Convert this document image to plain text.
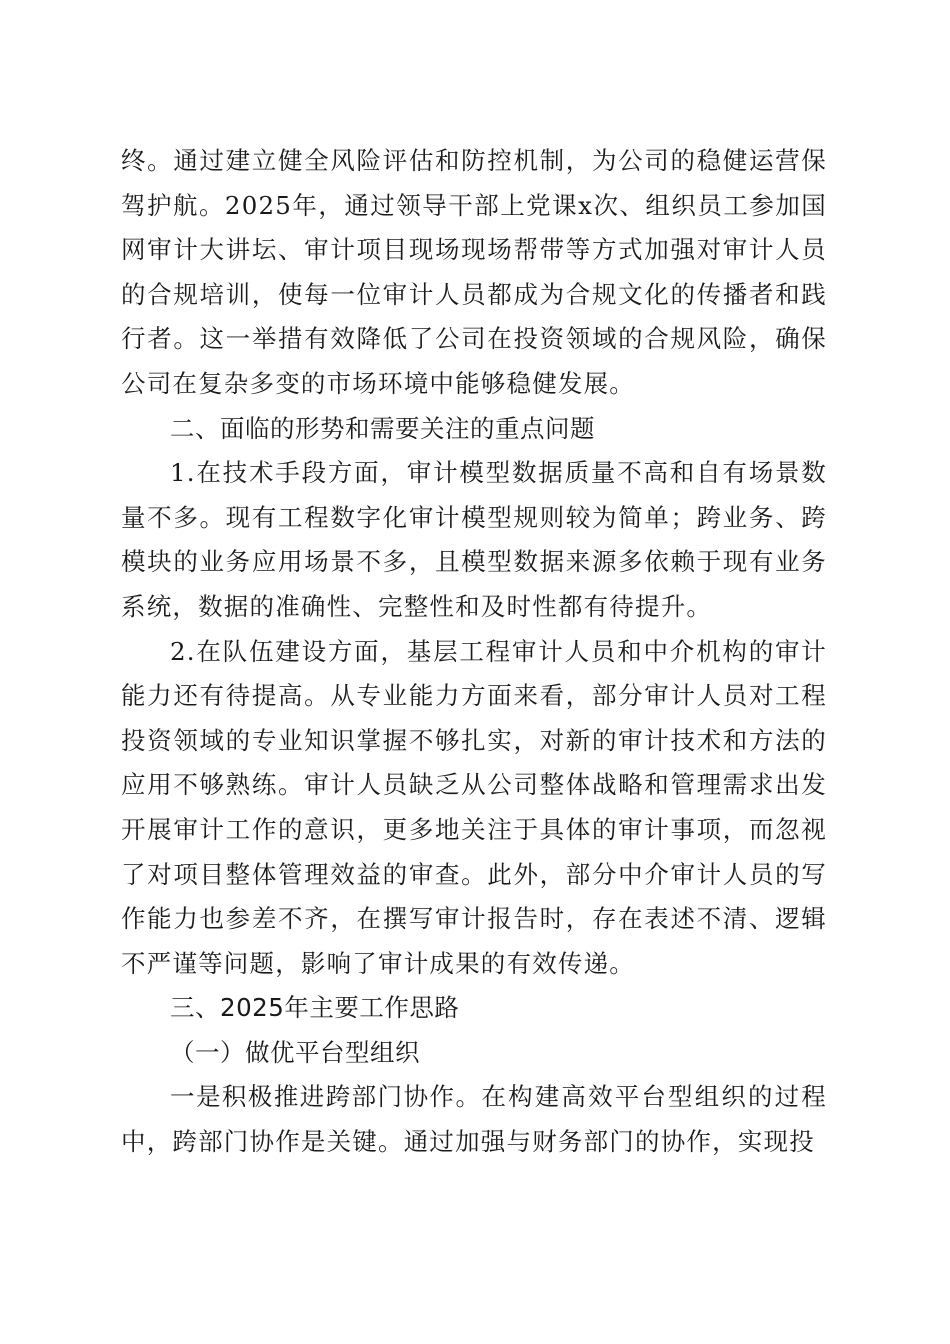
终。通过建立健全风险评估和防控机制，为公司的稳健运营保驾护航。2025年，通过领导干部上党课x次、组织员工参加国网审计大讲坛、审计项目现场现场帮带等方式加强对审计人员的合规培训，使每一位审计人员都成为合规文化的传播者和践行者。这一举措有效降低了公司在投资领域的合规风险，确保公司在复杂多变的市场环境中能够稳健发展。

二、面临的形势和需要关注的重点问题

1.在技术手段方面，审计模型数据质量不高和自有场景数量不多。现有工程数字化审计模型规则较为简单；跨业务、跨模块的业务应用场景不多，且模型数据来源多依赖于现有业务系统，数据的准确性、完整性和及时性都有待提升。

2.在队伍建设方面，基层工程审计人员和中介机构的审计能力还有待提高。从专业能力方面来看，部分审计人员对工程投资领域的专业知识掌握不够扎实，对新的审计技术和方法的应用不够熟练。审计人员缺乏从公司整体战略和管理需求出发开展审计工作的意识，更多地关注于具体的审计事项，而忽视了对项目整体管理效益的审查。此外，部分中介审计人员的写作能力也参差不齐，在撰写审计报告时，存在表述不清、逻辑不严谨等问题，影响了审计成果的有效传递。

三、2025年主要工作思路

（一）做优平台型组织

一是积极推进跨部门协作。在构建高效平台型组织的过程中，跨部门协作是关键。通过加强与财务部门的协作，实现投
